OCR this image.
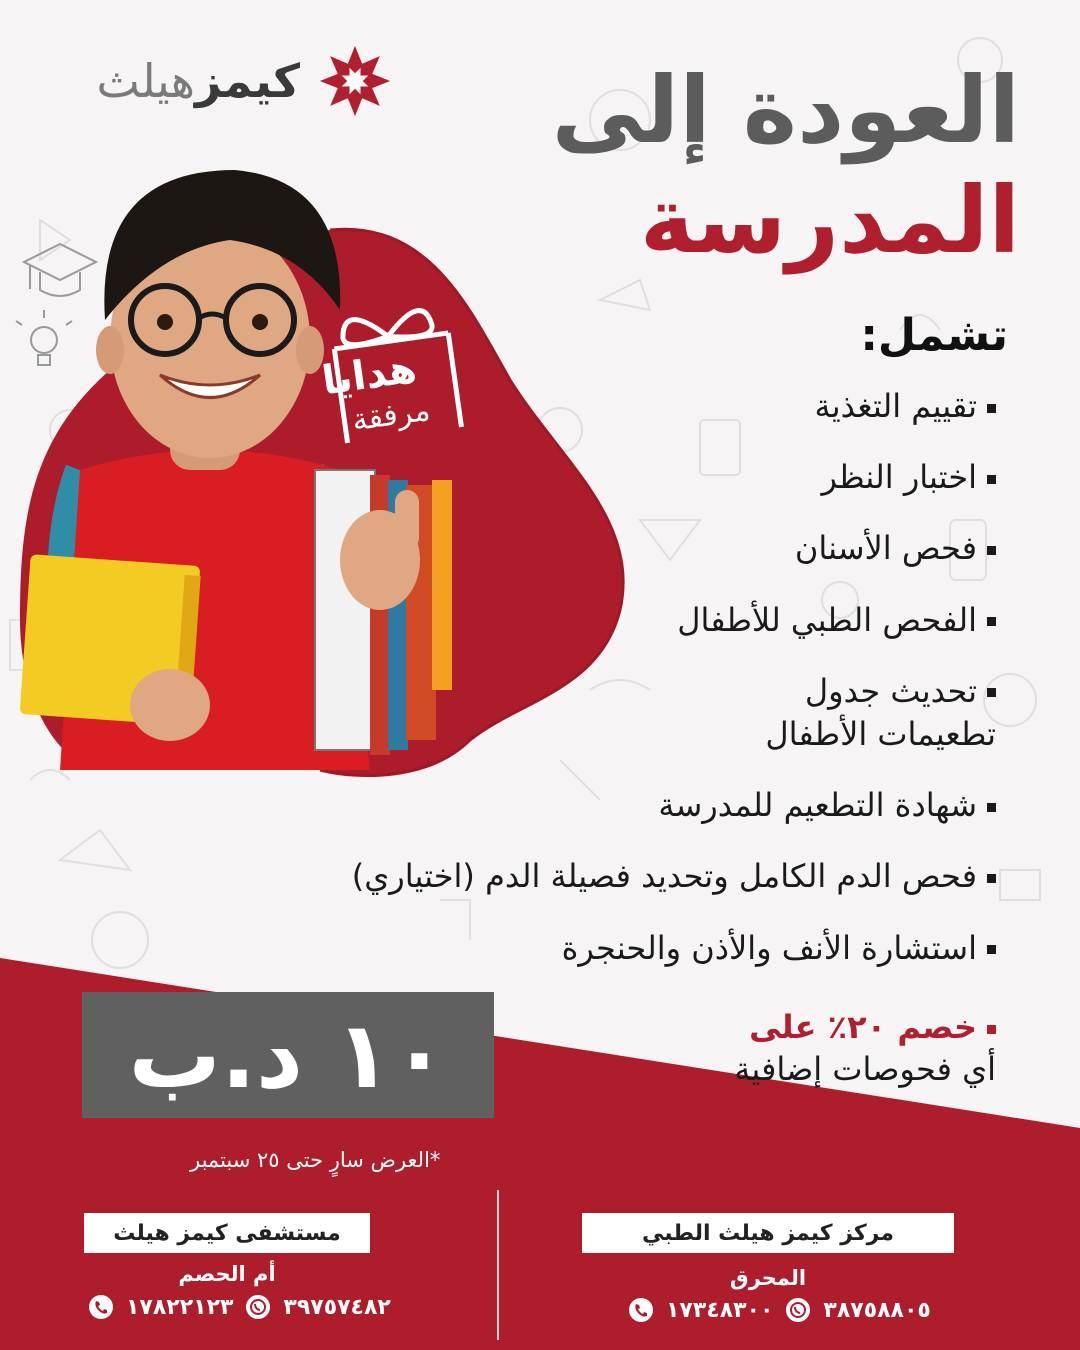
هدايا
مرفقة
كيمزهيلث	العودة إلى
المدرسة
تشمل:
تقييم التغذية
اختبار النظر
فحص الأسنان
الفحص الطبي للأطفال
تحديث جدول تطعيمات الأطفال
شهادة التطعيم للمدرسة
فحص الدم الكامل وتحديد فصيلة الدم (اختياري)
استشارة الأنف والأذن والحنجرة
خصم ٢٠٪ على
أي فحوصات إضافية
١٠ د.ب
*العرض سارٍ حتى ٢٥ سبتمبر
مستشفى كيمز هيلث
أم الحصم
١٧٨٢٢١٢٣ ٣٩٧٥٧٤٨٢
مركز كيمز هيلث الطبي
المحرق
١٧٣٤٨٣٠٠ ٣٨٧٥٨٨٠٥
